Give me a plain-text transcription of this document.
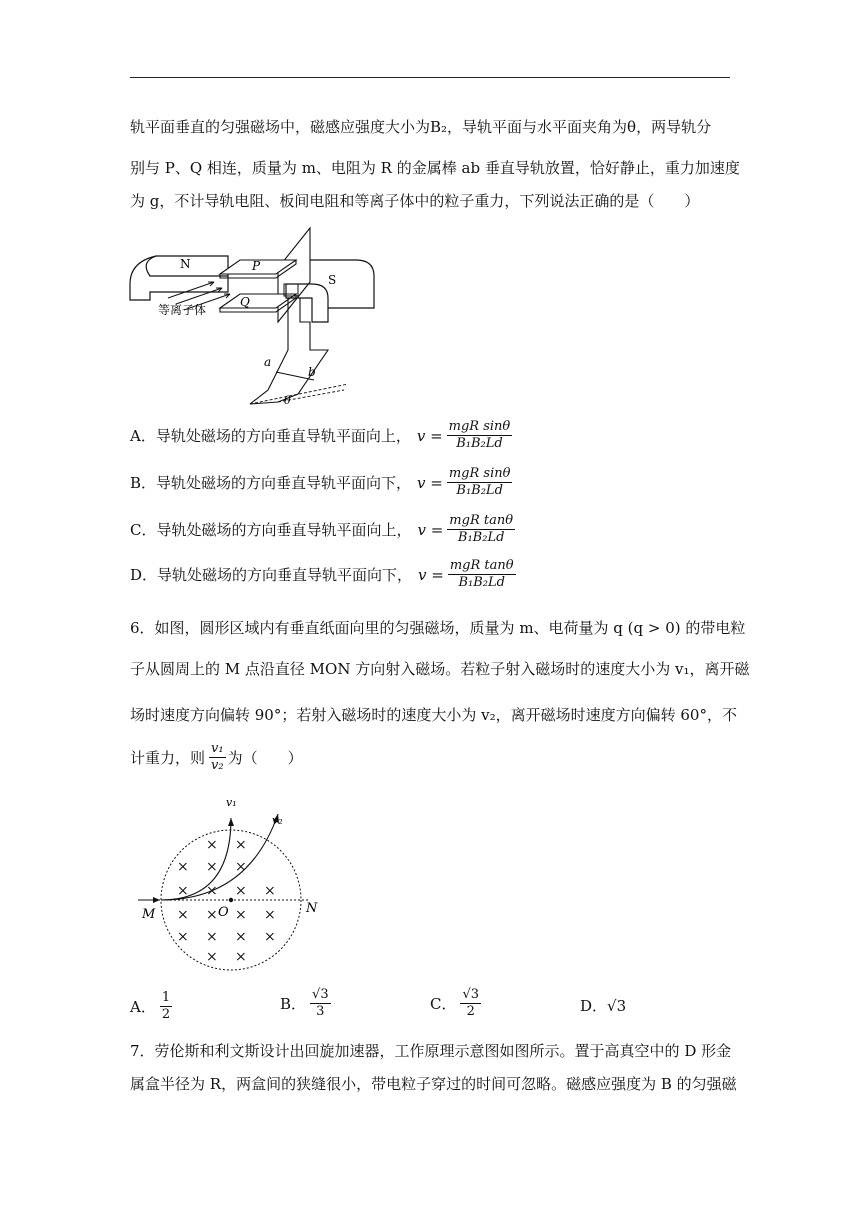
轨平面垂直的匀强磁场中，磁感应强度大小为B₂，导轨平面与水平面夹角为θ，两导轨分
别与 P、Q 相连，质量为 m、电阻为 R 的金属棒 ab 垂直导轨放置，恰好静止，重力加速度
为 g，不计导轨电阻、板间电阻和等离子体中的粒子重力，下列说法正确的是（　　）
N	P
Q
等离子体
S
a
b
θ
A．导轨处磁场的方向垂直导轨平面向上， $v = \frac{\text{mgR sinθ}}{\text{B₁B₂Ld}}$
B．导轨处磁场的方向垂直导轨平面向下， $v = \frac{\text{mgR sinθ}}{\text{B₁B₂Ld}}$
C．导轨处磁场的方向垂直导轨平面向上， $v = \frac{\text{mgR tanθ}}{\text{B₁B₂Ld}}$
D．导轨处磁场的方向垂直导轨平面向下， $v = \frac{\text{mgR tanθ}}{\text{B₁B₂Ld}}$
6．如图，圆形区域内有垂直纸面向里的匀强磁场，质量为 m、电荷量为 q (q > 0) 的带电粒
子从圆周上的 M 点沿直径 MON 方向射入磁场。若粒子射入磁场时的速度大小为 v₁，离开磁
场时速度方向偏转 90°；若射入磁场时的速度大小为 v₂，离开磁场时速度方向偏转 60°，不
计重力，则 $\frac{\text{v₁}}{\text{v₂}}$ 为（　　）
× ×
× × ×
× × × ×
× × × ×
× × × ×
× ×
v₁
v₂
M	O	N
A． $\frac{1}{2}$	B． $\frac{√3}{3}$	C． $\frac{√3}{2}$	D． √3
7．劳伦斯和利文斯设计出回旋加速器，工作原理示意图如图所示。置于高真空中的 D 形金
属盒半径为 R，两盒间的狭缝很小，带电粒子穿过的时间可忽略。磁感应强度为 B 的匀强磁
